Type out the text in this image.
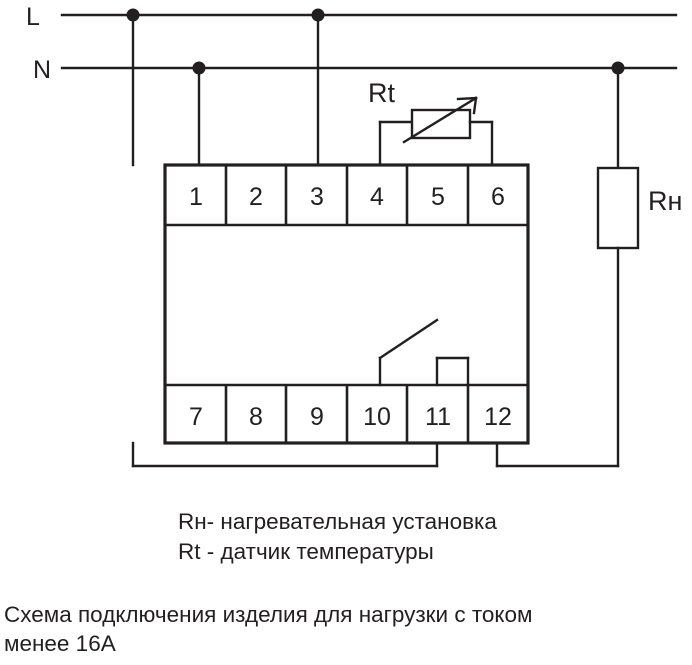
L
N
Rн
Rt
1 2 3 4 5 6
7 8 9 10 11 12
Rн- нагревательная установка
Rt - датчик температуры
Схема подключения изделия для нагрузки с током менее 16А
